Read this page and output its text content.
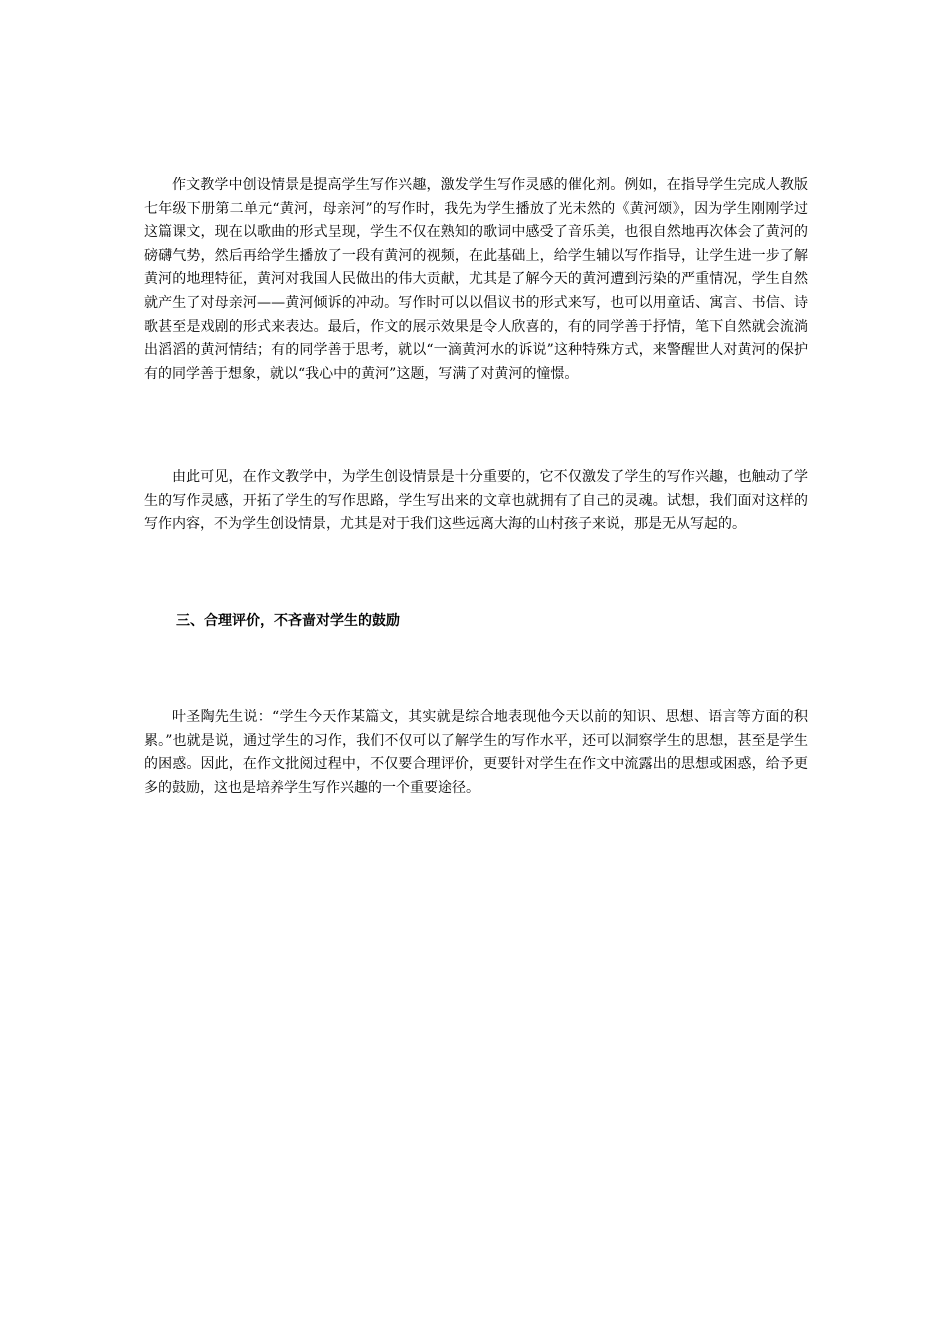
作文教学中创设情景是提高学生写作兴趣，激发学生写作灵感的催化剂。例如，在指导学生完成人教版七年级下册第二单元“黄河，母亲河”的写作时，我先为学生播放了光未然的《黄河颂》，因为学生刚刚学过这篇课文，现在以歌曲的形式呈现，学生不仅在熟知的歌词中感受了音乐美，也很自然地再次体会了黄河的磅礴气势，然后再给学生播放了一段有黄河的视频，在此基础上，给学生辅以写作指导，让学生进一步了解黄河的地理特征，黄河对我国人民做出的伟大贡献，尤其是了解今天的黄河遭到污染的严重情况，学生自然就产生了对母亲河——黄河倾诉的冲动。写作时可以以倡议书的形式来写，也可以用童话、寓言、书信、诗歌甚至是戏剧的形式来表达。最后，作文的展示效果是令人欣喜的，有的同学善于抒情，笔下自然就会流淌出滔滔的黄河情结；有的同学善于思考，就以“一滴黄河水的诉说”这种特殊方式，来警醒世人对黄河的保护有的同学善于想象，就以“我心中的黄河”这题，写满了对黄河的憧憬。

由此可见，在作文教学中，为学生创设情景是十分重要的，它不仅激发了学生的写作兴趣，也触动了学生的写作灵感，开拓了学生的写作思路，学生写出来的文章也就拥有了自己的灵魂。试想，我们面对这样的写作内容，不为学生创设情景，尤其是对于我们这些远离大海的山村孩子来说，那是无从写起的。

三、合理评价，不吝啬对学生的鼓励

叶圣陶先生说：“学生今天作某篇文，其实就是综合地表现他今天以前的知识、思想、语言等方面的积累。”也就是说，通过学生的习作，我们不仅可以了解学生的写作水平，还可以洞察学生的思想，甚至是学生的困惑。因此，在作文批阅过程中，不仅要合理评价，更要针对学生在作文中流露出的思想或困惑，给予更多的鼓励，这也是培养学生写作兴趣的一个重要途径。
